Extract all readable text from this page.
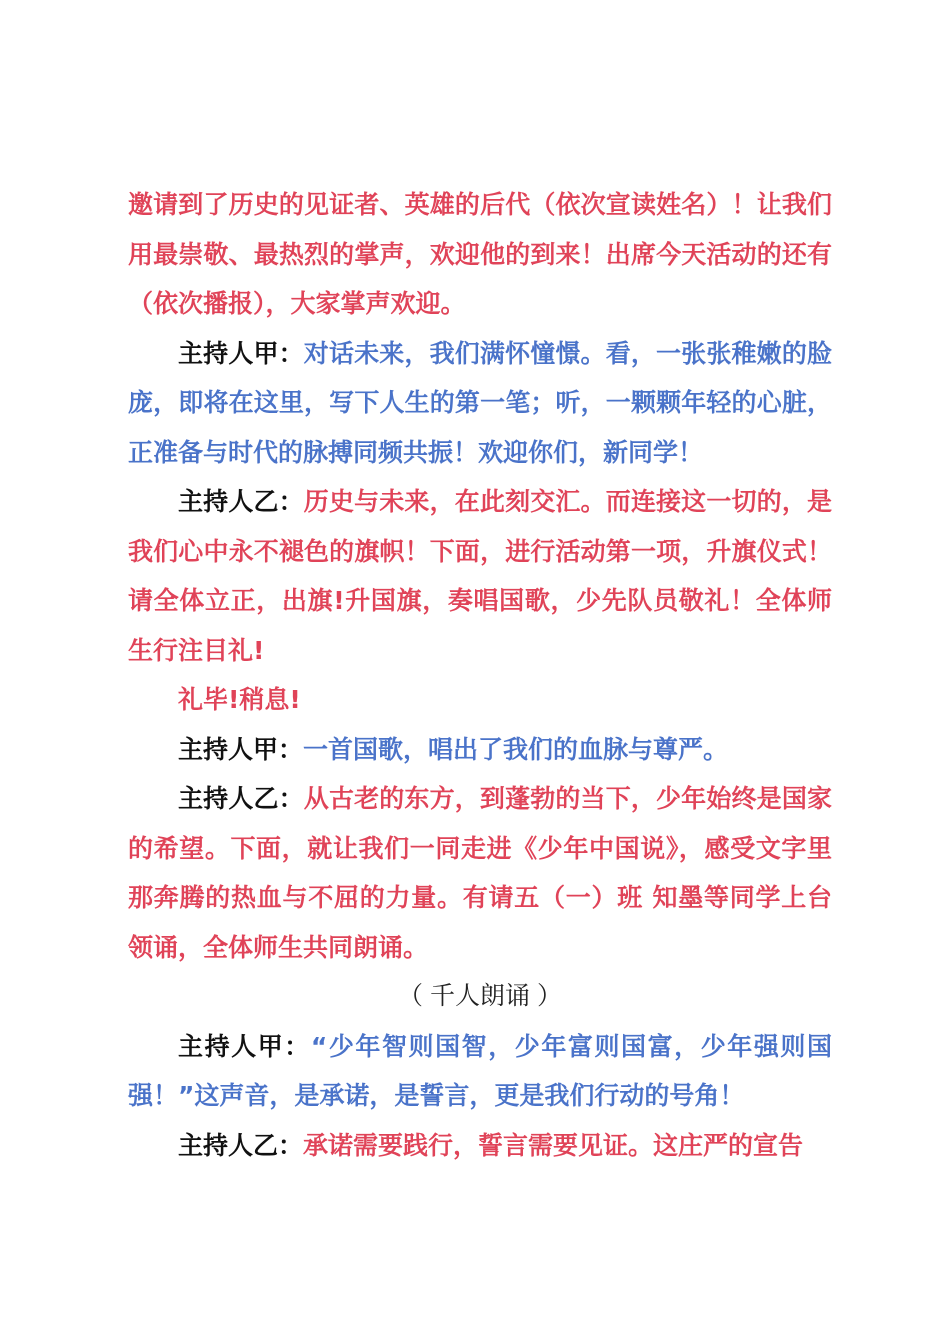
邀请到了历史的见证者、英雄的后代（依次宣读姓名）！让我们用最崇敬、最热烈的掌声，欢迎他的到来！出席今天活动的还有（依次播报），大家掌声欢迎。

主持人甲：对话未来，我们满怀憧憬。看，一张张稚嫩的脸庞，即将在这里，写下人生的第一笔；听，一颗颗年轻的心脏，正准备与时代的脉搏同频共振！欢迎你们，新同学！

主持人乙：历史与未来，在此刻交汇。而连接这一切的，是我们心中永不褪色的旗帜！下面，进行活动第一项，升旗仪式！请全体立正，出旗!升国旗，奏唱国歌，少先队员敬礼！全体师生行注目礼!

礼毕!稍息!

主持人甲：一首国歌，唱出了我们的血脉与尊严。

主持人乙：从古老的东方，到蓬勃的当下，少年始终是国家的希望。下面，就让我们一同走进《少年中国说》，感受文字里那奔腾的热血与不屈的力量。有请五（一）班 知墨等同学上台领诵，全体师生共同朗诵。

（ 千人朗诵 ）

主持人甲：“少年智则国智，少年富则国富，少年强则国强！”这声音，是承诺，是誓言，更是我们行动的号角！

主持人乙：承诺需要践行，誓言需要见证。这庄严的宣告
